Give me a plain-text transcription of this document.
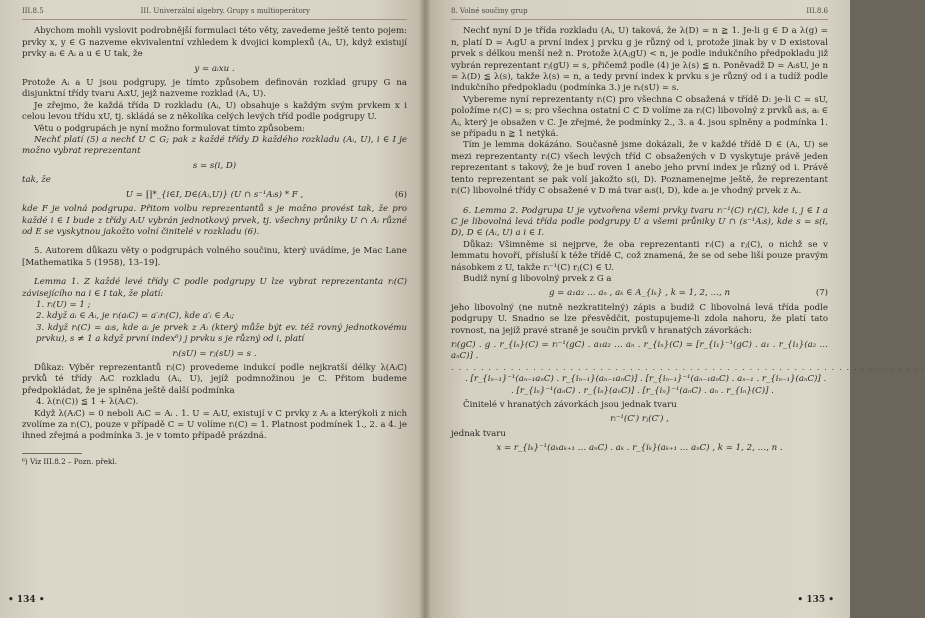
III.8.5	III. Univerzální algebry. Grupy s multioperátory

Abychom mohli vyslovit podrobnější formulaci této věty, zavedeme ještě tento pojem: prvky x, y ∈ G nazveme ekvivalentní vzhledem k dvojici komplexů (Aᵢ, U), když existují prvky aᵢ ∈ Aᵢ a u ∈ U tak, že

y = aᵢxu .

Protože Aᵢ a U jsou podgrupy, je tímto způsobem definován rozklad grupy G na disjunktní třídy tvaru AᵢxU, jejž nazveme rozklad (Aᵢ, U).

Je zřejmo, že každá třída D rozkladu (Aᵢ, U) obsahuje s každým svým prvkem x i celou levou třídu xU, tj. skládá se z několika celých levých tříd podle podgrupy U.

Větu o podgrupách je nyní možno formulovat tímto způsobem:

Nechť platí (5) a nechť U ⊂ G; pak z každé třídy D každého rozkladu (Aᵢ, U), i ∈ I je možno vybrat reprezentant

s = s(i, D)

tak, že

U = ∏*_{i∈I, D∈(Aᵢ,U)} (U ∩ s⁻¹Aᵢs) * F ,	(6)

kde F je volná podgrupa. Přitom volbu reprezentantů s je možno provést tak, že pro každé i ∈ I bude z třídy AᵢU vybrán jednotkový prvek, tj. všechny průniky U ∩ Aᵢ různé od E se vyskytnou jakožto volní činitelé v rozkladu (6).

5. Autorem důkazu věty o podgrupách volného součinu, který uvádíme, je Mac Lane [Mathematika 5 (1958), 13–19].

Lemma 1. Z každé levé třídy C podle podgrupy U lze vybrat reprezentanta rᵢ(C) závisejícího na i ∈ I tak, že platí:

1. rᵢ(U) = 1 ;

2. když aᵢ ∈ Aᵢ, je rᵢ(aᵢC) = a′ᵢrᵢ(C), kde a′ᵢ ∈ Aᵢ;

3. když rᵢ(C) = aᵢs, kde aᵢ je prvek z Aᵢ (který může být ev. též rovný jednotkovému prvku), s ≠ 1 a když první index⁶) j prvku s je různý od i, platí

rᵢ(sU) = rⱼ(sU) = s .

Důkaz: Výběr reprezentantů rᵢ(C) provedeme indukcí podle nejkratší délky λ(AᵢC) prvků té třídy AᵢC rozkladu (Aᵢ, U), jejíž podmnožinou je C. Přitom budeme předpokládat, že je splněna ještě další podmínka

4. λ(rᵢ(C)) ≦ 1 + λ(AᵢC).

Když λ(AᵢC) = 0 neboli AᵢC = Aᵢ . 1. U = AᵢU, existují v C prvky z Aᵢ a kterýkoli z nich zvolíme za rᵢ(C), pouze v případě C = U volíme rᵢ(C) = 1. Platnost podmínek 1., 2. a 4. je ihned zřejmá a podmínka 3. je v tomto případě prázdná.

⁶) Viz III.8.2 – Pozn. překl.

• 134 •
8. Volné součiny grup	III.8.6

Nechť nyní D je třída rozkladu (Aᵢ, U) taková, že λ(D) = n ≧ 1. Je-li g ∈ D a λ(g) = n, platí D = AᵢgU a první index j prvku g je různý od i, protože jinak by v D existoval prvek s délkou menší než n. Protože λ(AⱼgU) < n, je podle indukčního předpokladu již vybrán reprezentant rⱼ(gU) = s, přičemž podle (4) je λ(s) ≦ n. Poněvadž D = AᵢsU, je n = λ(D) ≦ λ(s), takže λ(s) = n, a tedy první index k prvku s je různý od i a tudíž podle indukčního předpokladu (podmínka 3.) je rₖ(sU) = s.

Vybereme nyní reprezentanty rᵢ(C) pro všechna C obsažená v třídě D: je-li C = sU, položíme rᵢ(C) = s; pro všechna ostatní C ⊂ D volíme za rᵢ(C) libovolný z prvků aᵢs, aᵢ ∈ Aᵢ, který je obsažen v C. Je zřejmé, že podmínky 2., 3. a 4. jsou splněny a podmínka 1. se případu n ≧ 1 netýká.

Tím je lemma dokázáno. Současně jsme dokázali, že v každé třídě D ∈ (Aᵢ, U) se mezi reprezentanty rᵢ(C) všech levých tříd C obsažených v D vyskytuje právě jeden reprezentant s takový, že je buď roven 1 anebo jeho první index je různý od i. Právě tento reprezentant se pak volí jakožto s(i, D). Poznamenejme ještě, že reprezentant rᵢ(C) libovolné třídy C obsažené v D má tvar aᵢs(i, D), kde aᵢ je vhodný prvek z Aᵢ.

6. Lemma 2. Podgrupa U je vytvořena všemi prvky tvaru rᵢ⁻¹(C) rⱼ(C), kde i, j ∈ I a C je libovolná levá třída podle podgrupy U a všemi průniky U ∩ (s⁻¹Aᵢs), kde s = s(i, D), D ∈ (Aᵢ, U) a i ∈ I.

Důkaz: Všimněme si nejprve, že oba reprezentanti rᵢ(C) a rⱼ(C), o nichž se v lemmatu hovoří, přísluší k téže třídě C, což znamená, že se od sebe liší pouze pravým násobkem z U, takže rᵢ⁻¹(C) rⱼ(C) ∈ U.

Budiž nyní g libovolný prvek z G a

g = a₁a₂ … aₙ , aₖ ∈ A_{iₖ} , k = 1, 2, …, n	(7)

jeho libovolný (ne nutně nezkratitelný) zápis a budiž C libovolná levá třída podle podgrupy U. Snadno se lze přesvědčit, postupujeme-li zdola nahoru, že platí tato rovnost, na jejíž pravé straně je součin prvků v hranatých závorkách:

rᵢ(gC) . g . r_{iₙ}(C) = rᵢ⁻¹(gC) . a₁a₂ … aₙ . r_{iₙ}(C) = [r_{i₁}⁻¹(gC) . a₁ . r_{i₁}(a₂ … aₙC)] .

. . . . . . . . . . . . . . . . . . . . . . . . . . . . . . . . . . . . . . . . . . . . . . . . . . . . . . . . . . . . . . . .

. [r_{iₙ₋₁}⁻¹(aₙ₋₁aₙC) . r_{iₙ₋₁}(aₙ₋₁aₙC)] . [r_{iₙ₋₁}⁻¹(aₙ₋₁aₙC) . aₙ₋₁ . r_{iₙ₋₁}(aₙC)] .

. [r_{iₙ}⁻¹(aₙC) . r_{iₙ}(aₙC)] . [r_{iₙ}⁻¹(aₙC) . aₙ . r_{iₙ}(C)] .

Činitelé v hranatých závorkách jsou jednak tvaru

rᵢ⁻¹(C′) rⱼ(C′) ,

jednak tvaru

x = r_{iₖ}⁻¹(aₖaₖ₊₁ … aₙC) . aₖ . r_{iₖ}(aₖ₊₁ … aₙC) , k = 1, 2, …, n .
• 135 •
